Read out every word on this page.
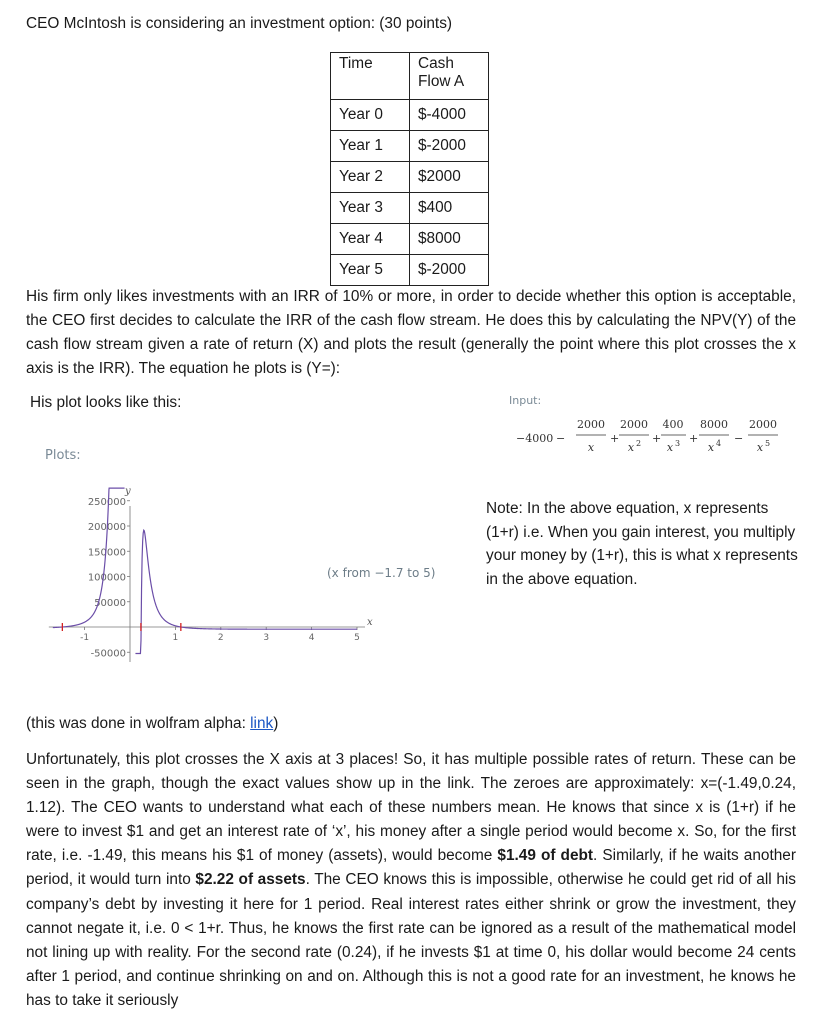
CEO McIntosh is considering an investment option: (30 points)

Time	Cash Flow A
Year 0	$-4000
Year 1	$-2000
Year 2	$2000
Year 3	$400
Year 4	$8000
Year 5	$-2000

His firm only likes investments with an IRR of 10% or more, in order to decide whether this option is acceptable, the CEO first decides to calculate the IRR of the cash flow stream. He does this by calculating the NPV(Y) of the cash flow stream given a rate of return (X) and plots the result (generally the point where this plot crosses the x axis is the IRR). The equation he plots is (Y=):

His plot looks like this:	Input:
Plots:
(x from −1.7 to 5)
−4000 −
2000
x
+
2000
x 2 +
400
x 3 +
8000
x 4 −
2000
x 5
x
y
250000
200000
150000
100000
50000
-50000
-1	1	2	3	4	5
Note: In the above equation, x represents (1+r) i.e. When you gain interest, you multiply your money by (1+r), this is what x represents in the above equation.

(this was done in wolfram alpha: link)

Unfortunately, this plot crosses the X axis at 3 places! So, it has multiple possible rates of return. These can be seen in the graph, though the exact values show up in the link. The zeroes are approximately: x=(-1.49,0.24, 1.12). The CEO wants to understand what each of these numbers mean. He knows that since x is (1+r) if he were to invest $1 and get an interest rate of ‘x’, his money after a single period would become x. So, for the first rate, i.e. -1.49, this means his $1 of money (assets), would become $1.49 of debt. Similarly, if he waits another period, it would turn into $2.22 of assets. The CEO knows this is impossible, otherwise he could get rid of all his company’s debt by investing it here for 1 period. Real interest rates either shrink or grow the investment, they cannot negate it, i.e. 0 < 1+r. Thus, he knows the first rate can be ignored as a result of the mathematical model not lining up with reality. For the second rate (0.24), if he invests $1 at time 0, his dollar would become 24 cents after 1 period, and continue shrinking on and on. Although this is not a good rate for an investment, he knows he has to take it seriously
